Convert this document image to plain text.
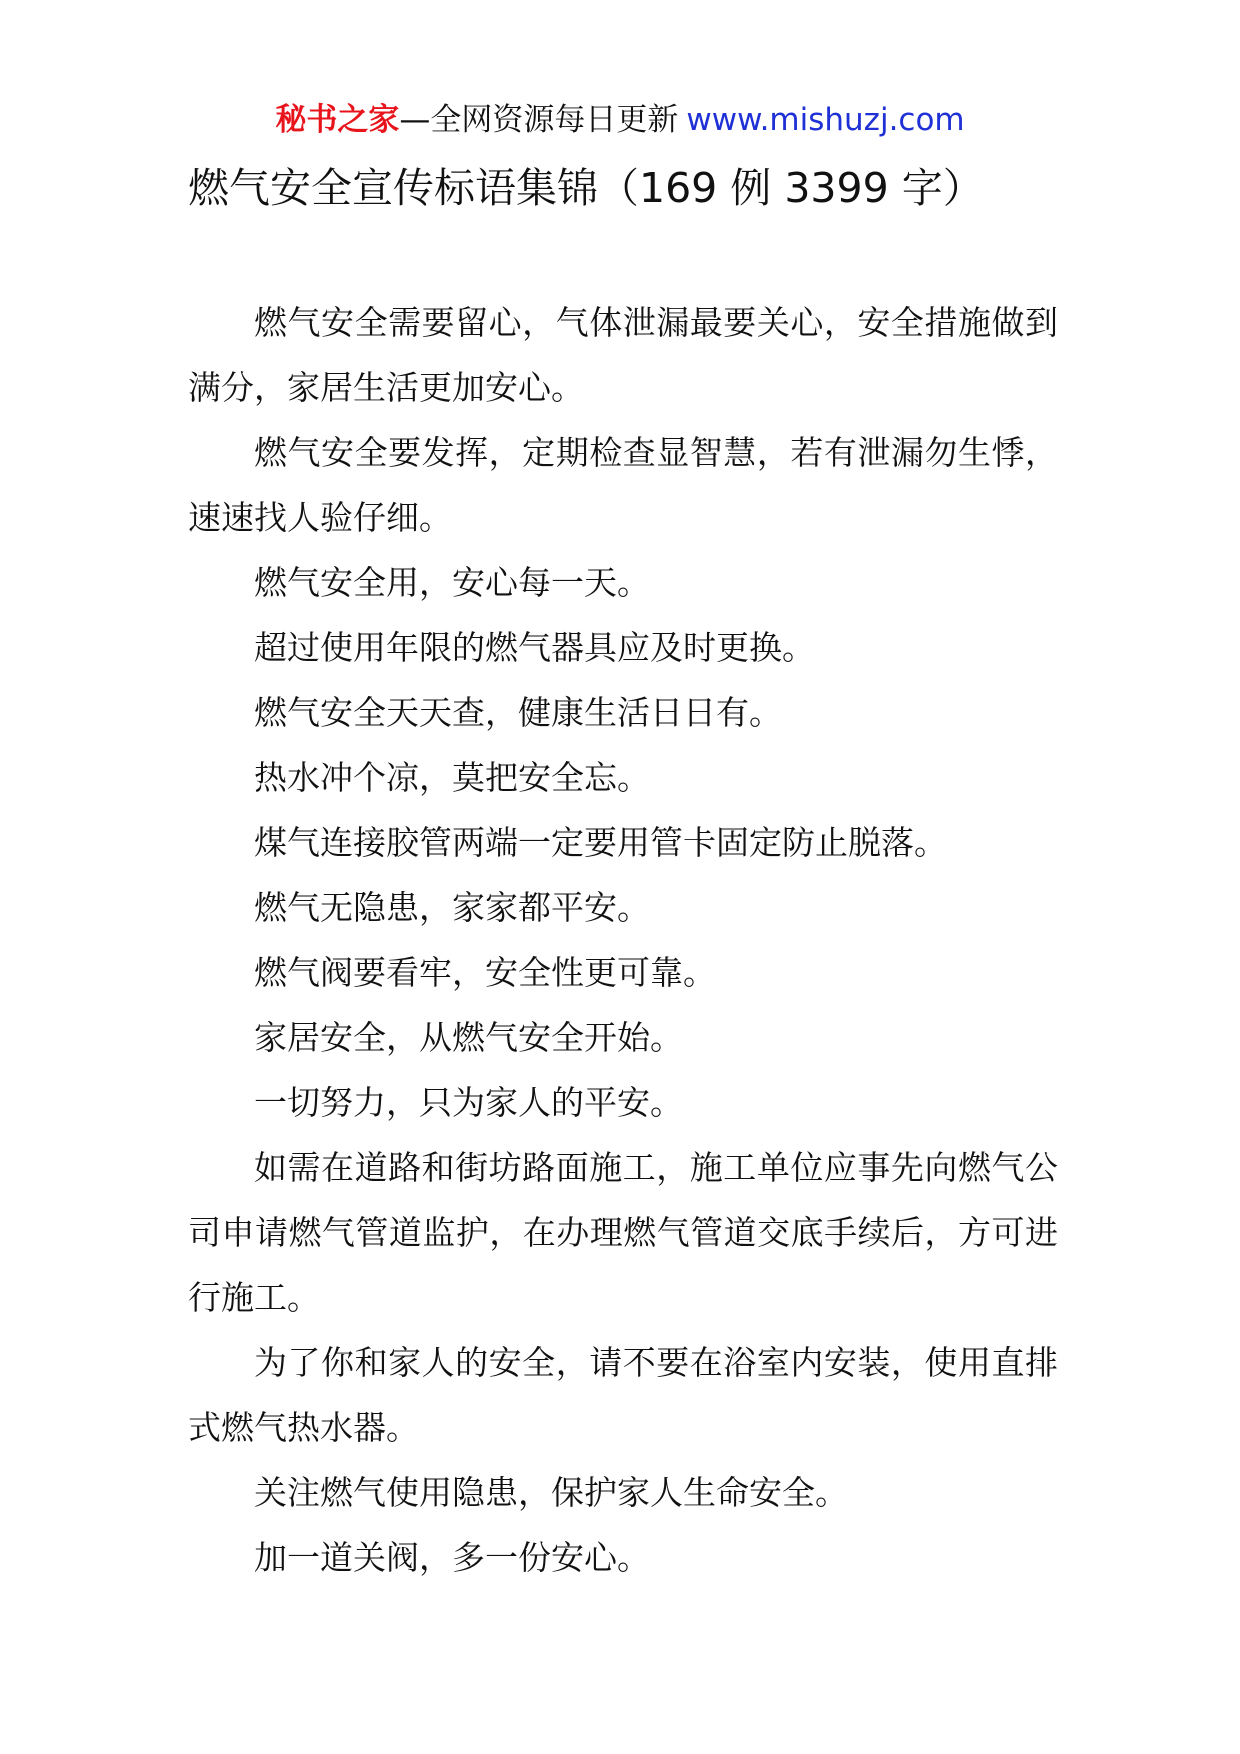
秘书之家—全网资源每日更新 www.mishuzj.com
燃气安全宣传标语集锦（169 例 3399 字）

燃气安全需要留心，气体泄漏最要关心，安全措施做到满分，家居生活更加安心。

燃气安全要发挥，定期检查显智慧，若有泄漏勿生悸，速速找人验仔细。

燃气安全用，安心每一天。

超过使用年限的燃气器具应及时更换。

燃气安全天天查，健康生活日日有。

热水冲个凉，莫把安全忘。

煤气连接胶管两端一定要用管卡固定防止脱落。

燃气无隐患，家家都平安。

燃气阀要看牢，安全性更可靠。

家居安全，从燃气安全开始。

一切努力，只为家人的平安。

如需在道路和街坊路面施工，施工单位应事先向燃气公司申请燃气管道监护，在办理燃气管道交底手续后，方可进行施工。

为了你和家人的安全，请不要在浴室内安装，使用直排式燃气热水器。

关注燃气使用隐患，保护家人生命安全。

加一道关阀，多一份安心。
